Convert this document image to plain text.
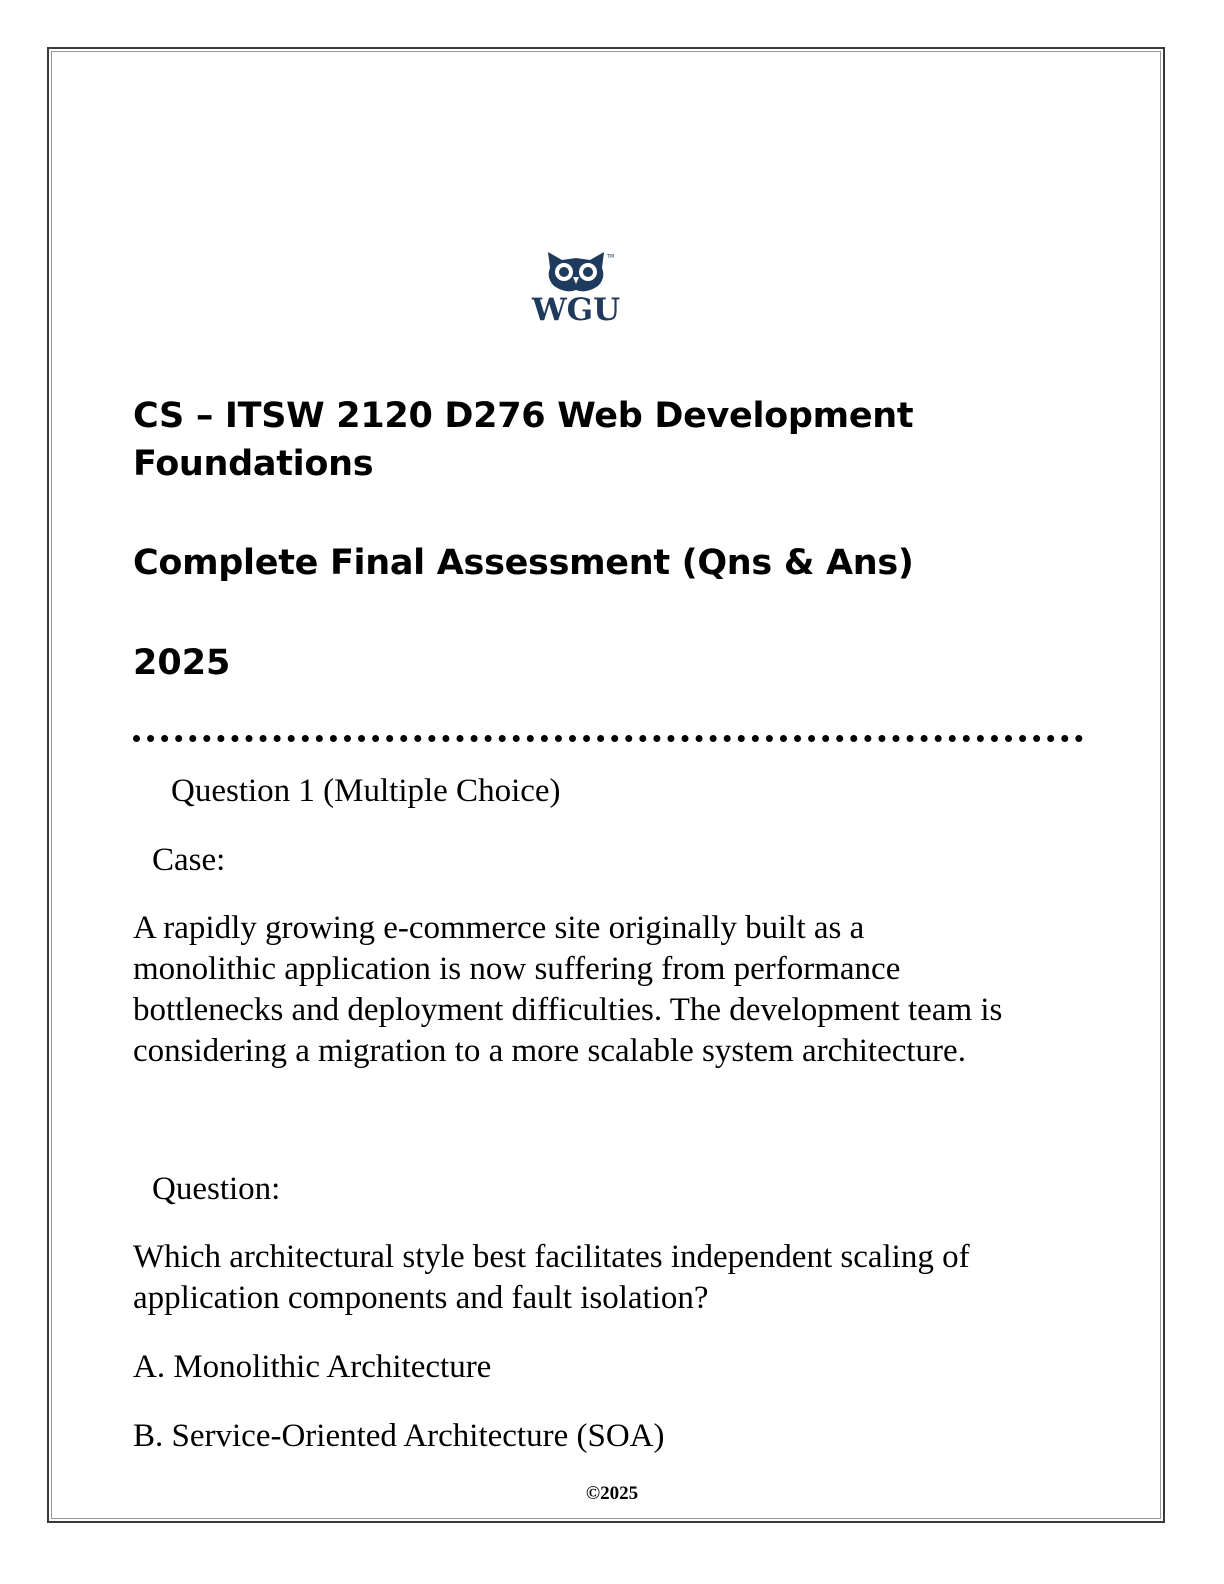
TM
WGU
CS – ITSW 2120 D276 Web Development
Foundations
Complete Final Assessment (Qns & Ans)
2025

Question 1 (Multiple Choice)

Case:

A rapidly growing e-commerce site originally built as a
monolithic application is now suffering from performance
bottlenecks and deployment difficulties. The development team is
considering a migration to a more scalable system architecture.

Question:

Which architectural style best facilitates independent scaling of
application components and fault isolation?

A. Monolithic Architecture

B. Service-Oriented Architecture (SOA)

©2025
